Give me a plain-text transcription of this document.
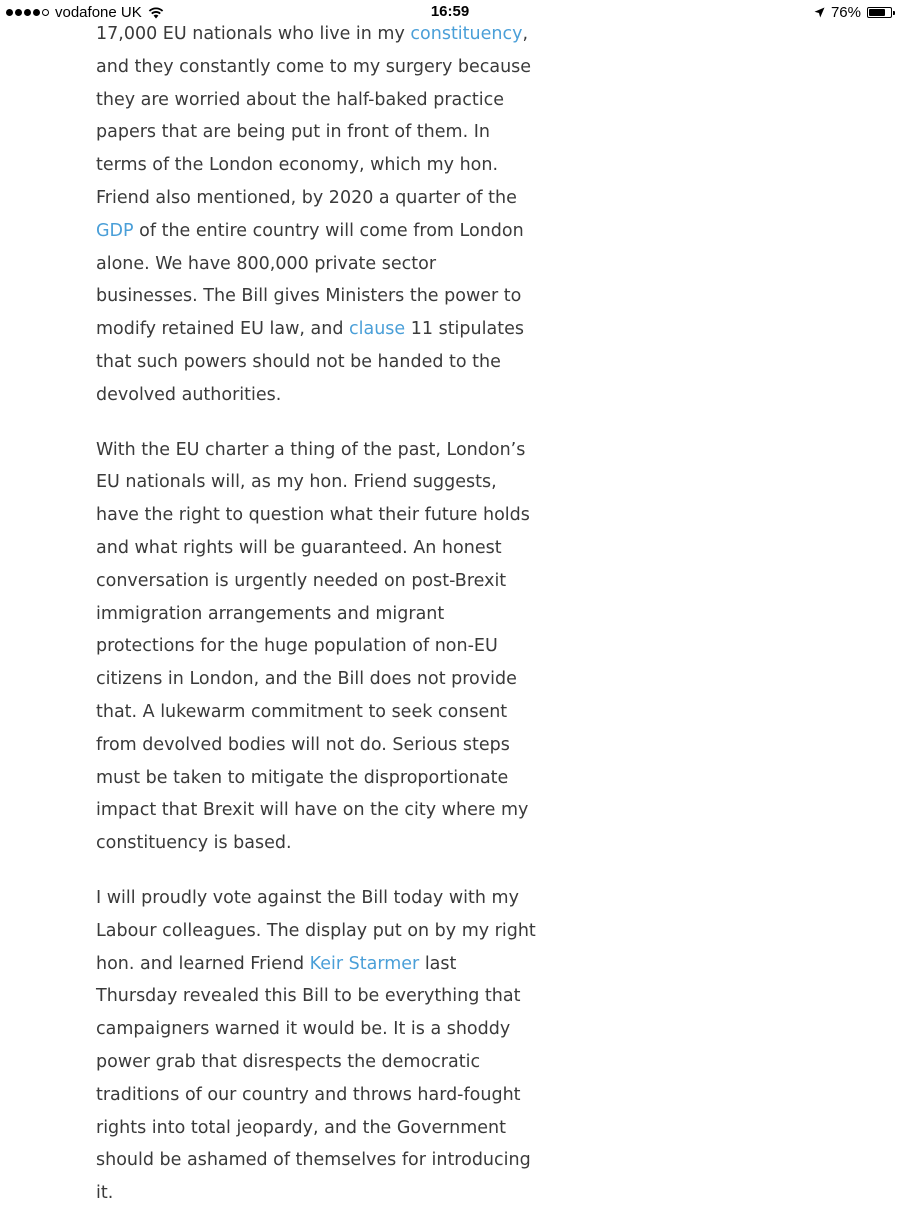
vodafone UK	16:59	76%

17,000 EU nationals who live in my constituency, and they constantly come to my surgery because they are worried about the half-baked practice papers that are being put in front of them. In terms of the London economy, which my hon. Friend also mentioned, by 2020 a quarter of the GDP of the entire country will come from London alone. We have 800,000 private sector businesses. The Bill gives Ministers the power to modify retained EU law, and clause 11 stipulates that such powers should not be handed to the devolved authorities.

With the EU charter a thing of the past, London’s EU nationals will, as my hon. Friend suggests, have the right to question what their future holds and what rights will be guaranteed. An honest conversation is urgently needed on post-Brexit immigration arrangements and migrant protections for the huge population of non-EU citizens in London, and the Bill does not provide that. A lukewarm commitment to seek consent from devolved bodies will not do. Serious steps must be taken to mitigate the disproportionate impact that Brexit will have on the city where my constituency is based.

I will proudly vote against the Bill today with my Labour colleagues. The display put on by my right hon. and learned Friend Keir Starmer last Thursday revealed this Bill to be everything that campaigners warned it would be. It is a shoddy power grab that disrespects the democratic traditions of our country and throws hard-fought rights into total jeopardy, and the Government should be ashamed of themselves for introducing it.
